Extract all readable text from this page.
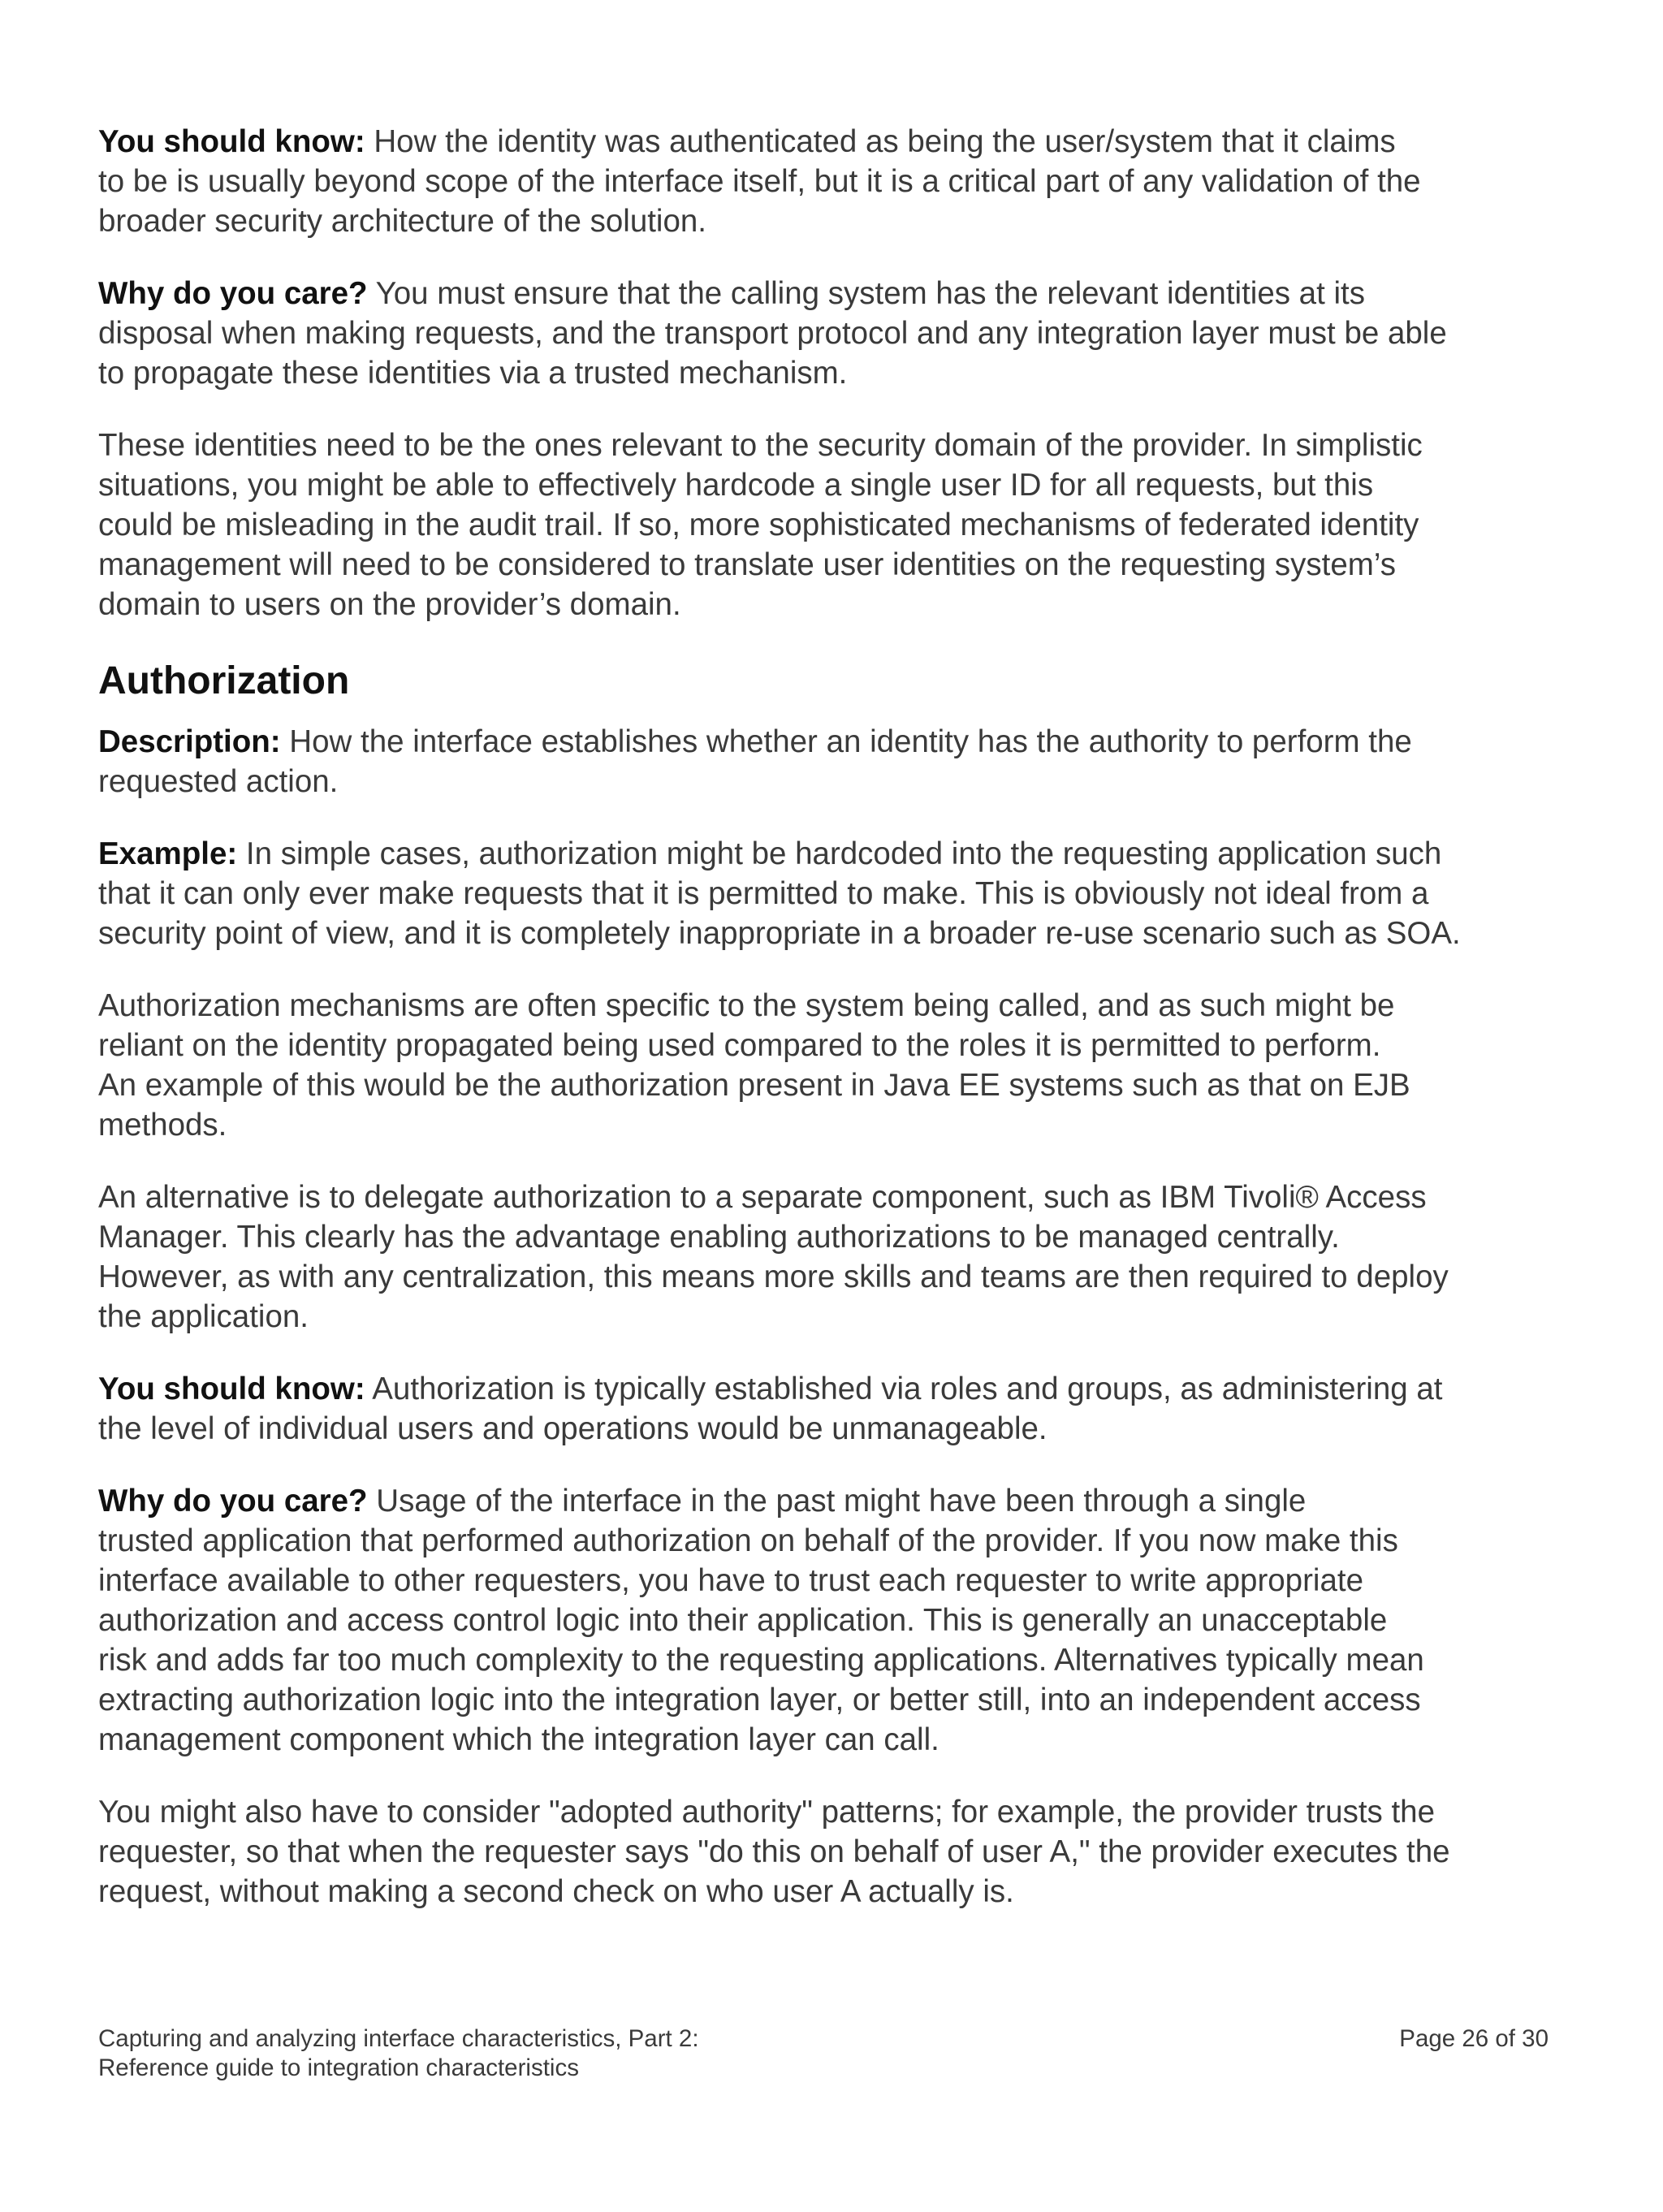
You should know: How the identity was authenticated as being the user/system that it claims
to be is usually beyond scope of the interface itself, but it is a critical part of any validation of the
broader security architecture of the solution.

Why do you care? You must ensure that the calling system has the relevant identities at its
disposal when making requests, and the transport protocol and any integration layer must be able
to propagate these identities via a trusted mechanism.

These identities need to be the ones relevant to the security domain of the provider. In simplistic
situations, you might be able to effectively hardcode a single user ID for all requests, but this
could be misleading in the audit trail. If so, more sophisticated mechanisms of federated identity
management will need to be considered to translate user identities on the requesting system’s
domain to users on the provider’s domain.

Authorization

Description: How the interface establishes whether an identity has the authority to perform the
requested action.

Example: In simple cases, authorization might be hardcoded into the requesting application such
that it can only ever make requests that it is permitted to make. This is obviously not ideal from a
security point of view, and it is completely inappropriate in a broader re-use scenario such as SOA.

Authorization mechanisms are often specific to the system being called, and as such might be
reliant on the identity propagated being used compared to the roles it is permitted to perform.
An example of this would be the authorization present in Java EE systems such as that on EJB
methods.

An alternative is to delegate authorization to a separate component, such as IBM Tivoli® Access
Manager. This clearly has the advantage enabling authorizations to be managed centrally.
However, as with any centralization, this means more skills and teams are then required to deploy
the application.

You should know: Authorization is typically established via roles and groups, as administering at
the level of individual users and operations would be unmanageable.

Why do you care? Usage of the interface in the past might have been through a single
trusted application that performed authorization on behalf of the provider. If you now make this
interface available to other requesters, you have to trust each requester to write appropriate
authorization and access control logic into their application. This is generally an unacceptable
risk and adds far too much complexity to the requesting applications. Alternatives typically mean
extracting authorization logic into the integration layer, or better still, into an independent access
management component which the integration layer can call.

You might also have to consider "adopted authority" patterns; for example, the provider trusts the
requester, so that when the requester says "do this on behalf of user A," the provider executes the
request, without making a second check on who user A actually is.

Capturing and analyzing interface characteristics, Part 2:
Reference guide to integration characteristics
Page 26 of 30
